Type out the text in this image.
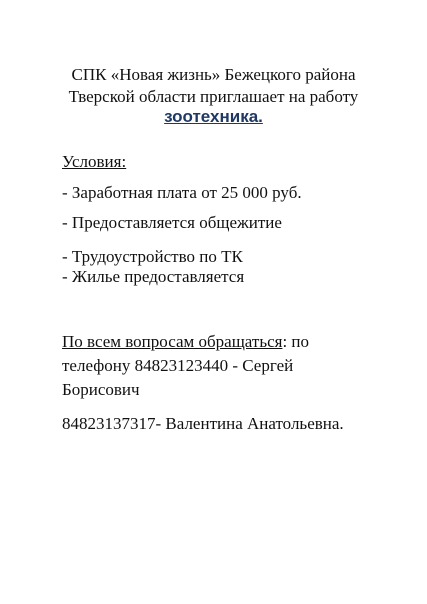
СПК «Новая жизнь» Бежецкого района
Тверской области приглашает на работу
зоотехника.
Условия:
- Заработная плата от 25 000 руб.
- Предоставляется общежитие
- Трудоустройство по ТК
- Жилье предоставляется
По всем вопросам обращаться: по
телефону 84823123440 - Сергей
Борисович
84823137317- Валентина Анатольевна.
